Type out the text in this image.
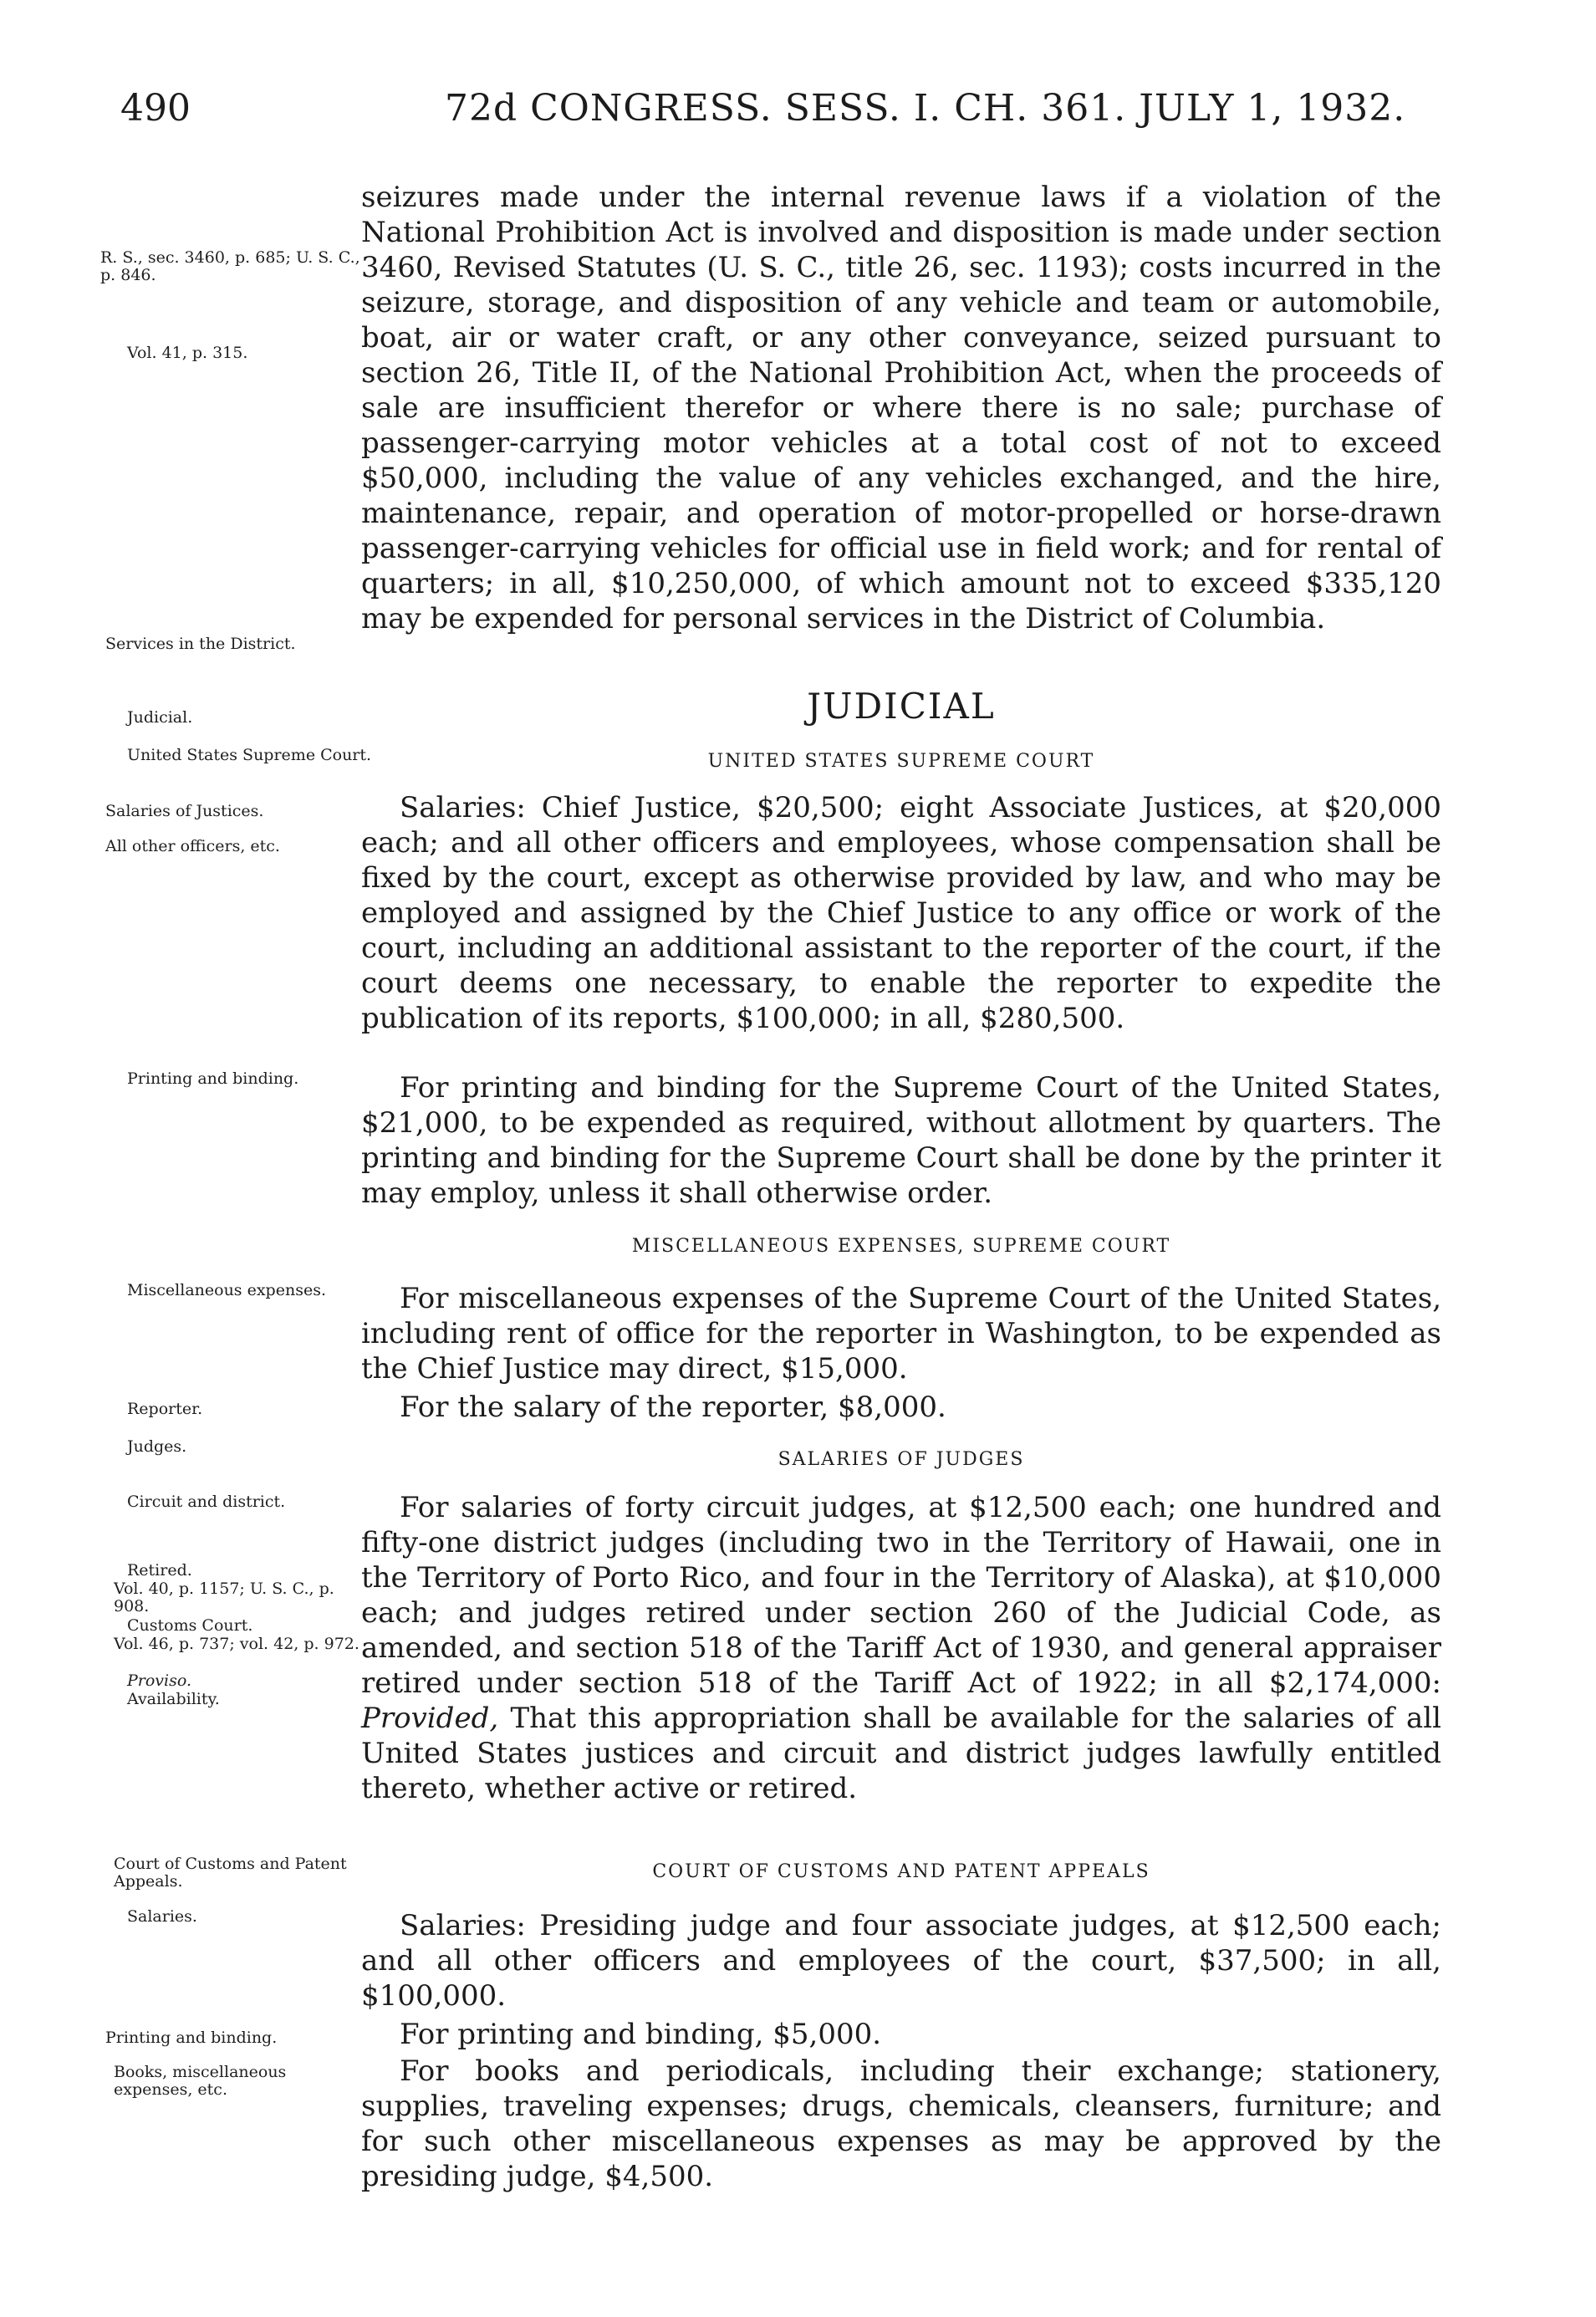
490	72d CONGRESS. SESS. I. CH. 361. JULY 1, 1932.
R. S., sec. 3460, p. 685; U. S. C., p. 846.
Vol. 41, p. 315.
Services in the District.
Judicial.
United States Supreme Court.
Salaries of Justices.
All other officers, etc.
Printing and binding.
Miscellaneous expenses.
Reporter.
Judges.
Circuit and district.
Retired.
Vol. 40, p. 1157; U. S. C., p. 908.
Customs Court.
Vol. 46, p. 737; vol. 42, p. 972.
Proviso.
Availability.
Court of Customs and Patent Appeals.
Salaries.
Printing and binding.
Books, miscellaneous expenses, etc.
seizures made under the internal revenue laws if a violation of the National Prohibition Act is involved and disposition is made under section 3460, Revised Statutes (U. S. C., title 26, sec. 1193); costs incurred in the seizure, storage, and disposition of any vehicle and team or automobile, boat, air or water craft, or any other conveyance, seized pursuant to section 26, Title II, of the National Prohibition Act, when the proceeds of sale are insufficient therefor or where there is no sale; purchase of passenger-carrying motor vehicles at a total cost of not to exceed $50,000, including the value of any vehicles exchanged, and the hire, maintenance, repair, and operation of motor-propelled or horse-drawn passenger-carrying vehicles for official use in field work; and for rental of quarters; in all, $10,250,000, of which amount not to exceed $335,120 may be expended for personal services in the District of Columbia.
JUDICIAL
UNITED STATES SUPREME COURT
Salaries: Chief Justice, $20,500; eight Associate Justices, at $20,000 each; and all other officers and employees, whose compensation shall be fixed by the court, except as otherwise provided by law, and who may be employed and assigned by the Chief Justice to any office or work of the court, including an additional assistant to the reporter of the court, if the court deems one necessary, to enable the reporter to expedite the publication of its reports, $100,000; in all, $280,500.
For printing and binding for the Supreme Court of the United States, $21,000, to be expended as required, without allotment by quarters. The printing and binding for the Supreme Court shall be done by the printer it may employ, unless it shall otherwise order.
MISCELLANEOUS EXPENSES, SUPREME COURT
For miscellaneous expenses of the Supreme Court of the United States, including rent of office for the reporter in Washington, to be expended as the Chief Justice may direct, $15,000.
For the salary of the reporter, $8,000.
SALARIES OF JUDGES
For salaries of forty circuit judges, at $12,500 each; one hundred and fifty-one district judges (including two in the Territory of Hawaii, one in the Territory of Porto Rico, and four in the Territory of Alaska), at $10,000 each; and judges retired under section 260 of the Judicial Code, as amended, and section 518 of the Tariff Act of 1930, and general appraiser retired under section 518 of the Tariff Act of 1922; in all $2,174,000: Provided, That this appropriation shall be available for the salaries of all United States justices and circuit and district judges lawfully entitled thereto, whether active or retired.
COURT OF CUSTOMS AND PATENT APPEALS
Salaries: Presiding judge and four associate judges, at $12,500 each; and all other officers and employees of the court, $37,500; in all, $100,000.
For printing and binding, $5,000.
For books and periodicals, including their exchange; stationery, supplies, traveling expenses; drugs, chemicals, cleansers, furniture; and for such other miscellaneous expenses as may be approved by the presiding judge, $4,500.
